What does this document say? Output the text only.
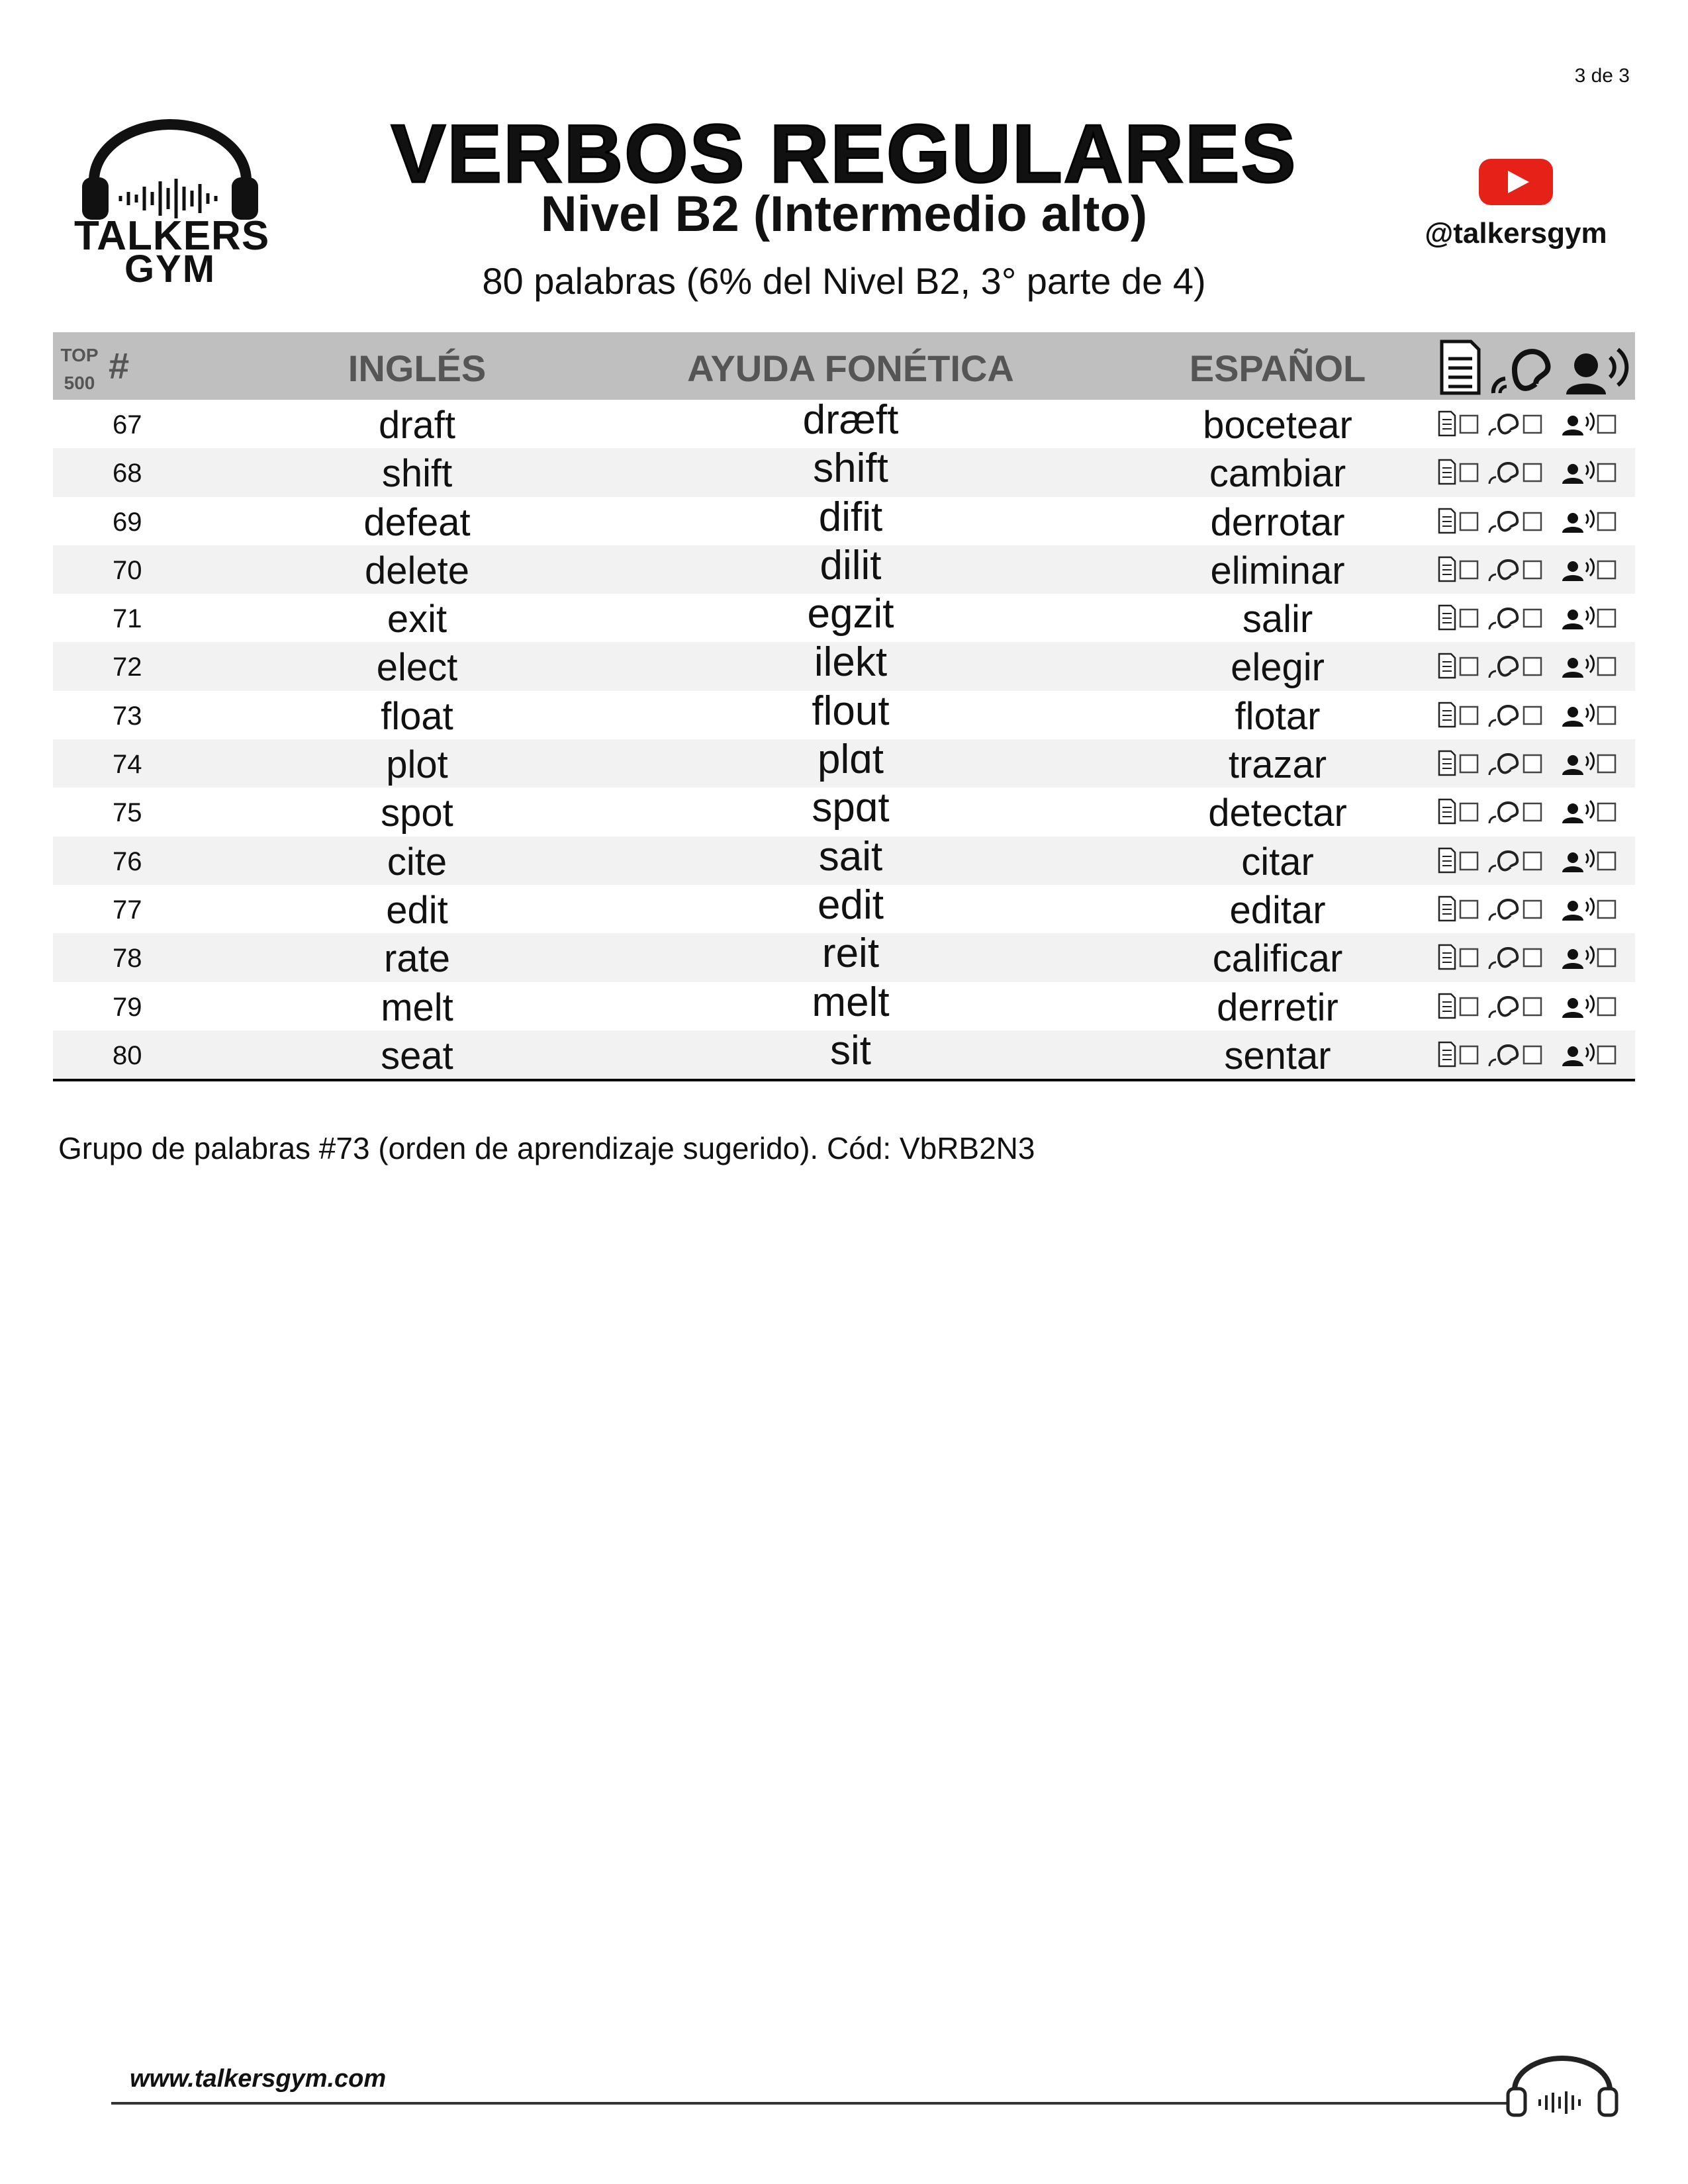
3 de 3
TALKERS
GYM
VERBOS REGULARES
Nivel B2 (Intermedio alto)
80 palabras (6% del Nivel B2, 3° parte de 4)
@talkersgym
TOP
500 #	INGLÉS	AYUDA FONÉTICA	ESPAÑOL
67	draft	dræft	bocetear
68	shift	shift	cambiar
69	defeat	difit	derrotar
70	delete	dilit	eliminar
71	exit	egzit	salir
72	elect	ilekt	elegir
73	float	flout	flotar
74	plot	plɑt	trazar
75	spot	spɑt	detectar
76	cite	sait	citar
77	edit	edit	editar
78	rate	reit	calificar
79	melt	melt	derretir
80	seat	sit	sentar
Grupo de palabras #73 (orden de aprendizaje sugerido). Cód: VbRB2N3
www.talkersgym.com
